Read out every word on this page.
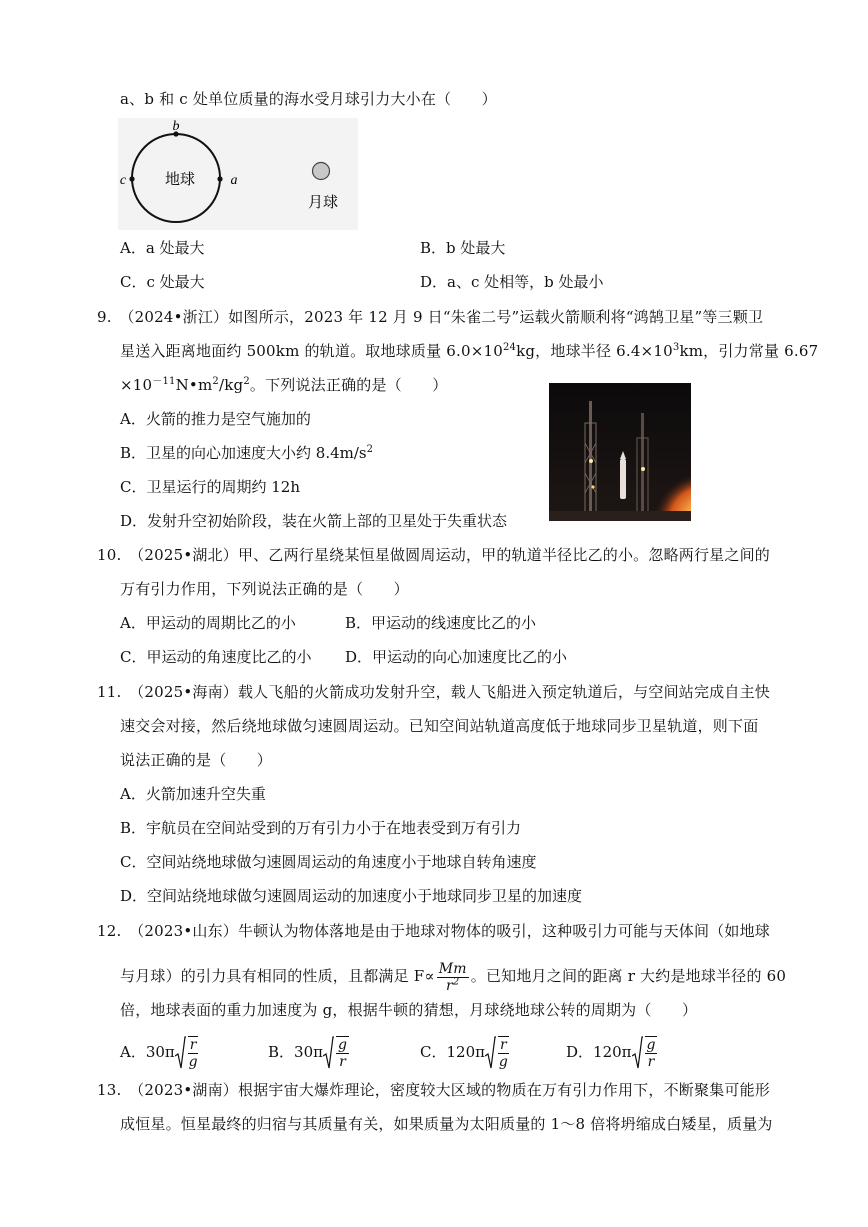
a、b 和 c 处单位质量的海水受月球引力大小在（　　）
b
c	a
地球
月球
A．a 处最大	B．b 处最大
C．c 处最大	D．a、c 处相等，b 处最小
9.　（2024•浙江）如图所示，2023 年 12 月 9 日“朱雀二号”运载火箭顺利将“鸿鹄卫星”等三颗卫
星送入距离地面约 500km 的轨道。取地球质量 $6.0\times 10^{24}kg$，地球半径 $6.4\times 10^3km$，引力常量 6.67
$\times 10^{-11}N•m^2/kg^2$。下列说法正确的是（　　）
A．火箭的推力是空气施加的
B．卫星的向心加速度大小约 $8.4m/s^2$
C．卫星运行的周期约 12h
D．发射升空初始阶段，装在火箭上部的卫星处于失重状态
10.　（2025•湖北）甲、乙两行星绕某恒星做圆周运动，甲的轨道半径比乙的小。忽略两行星之间的
万有引力作用，下列说法正确的是（　　）
A．甲运动的周期比乙的小	B．甲运动的线速度比乙的小
C．甲运动的角速度比乙的小 D．甲运动的向心加速度比乙的小
11.　（2025•海南）载人飞船的火箭成功发射升空，载人飞船进入预定轨道后，与空间站完成自主快
速交会对接，然后绕地球做匀速圆周运动。已知空间站轨道高度低于地球同步卫星轨道，则下面
说法正确的是（　　）
A．火箭加速升空失重
B．宇航员在空间站受到的万有引力小于在地表受到万有引力
C．空间站绕地球做匀速圆周运动的角速度小于地球自转角速度
D．空间站绕地球做匀速圆周运动的加速度小于地球同步卫星的加速度
12.　（2023•山东）牛顿认为物体落地是由于地球对物体的吸引，这种吸引力可能与天体间（如地球
与月球）的引力具有相同的性质，且都满足 $F\propto \frac{Mm}{r^2}$ 。已知地月之间的距离 r 大约是地球半径的 60
倍，地球表面的重力加速度为 g，根据牛顿的猜想，月球绕地球公转的周期为（　　）
A．$30\pi \frac{r}{g}$	B．$30\pi \frac{g}{r}$	C．$120\pi \frac{r}{g}$	D．$120\pi \frac{g}{r}$
13.　（2023•湖南）根据宇宙大爆炸理论，密度较大区域的物质在万有引力作用下，不断聚集可能形
成恒星。恒星最终的归宿与其质量有关，如果质量为太阳质量的 1～8 倍将坍缩成白矮星，质量为
